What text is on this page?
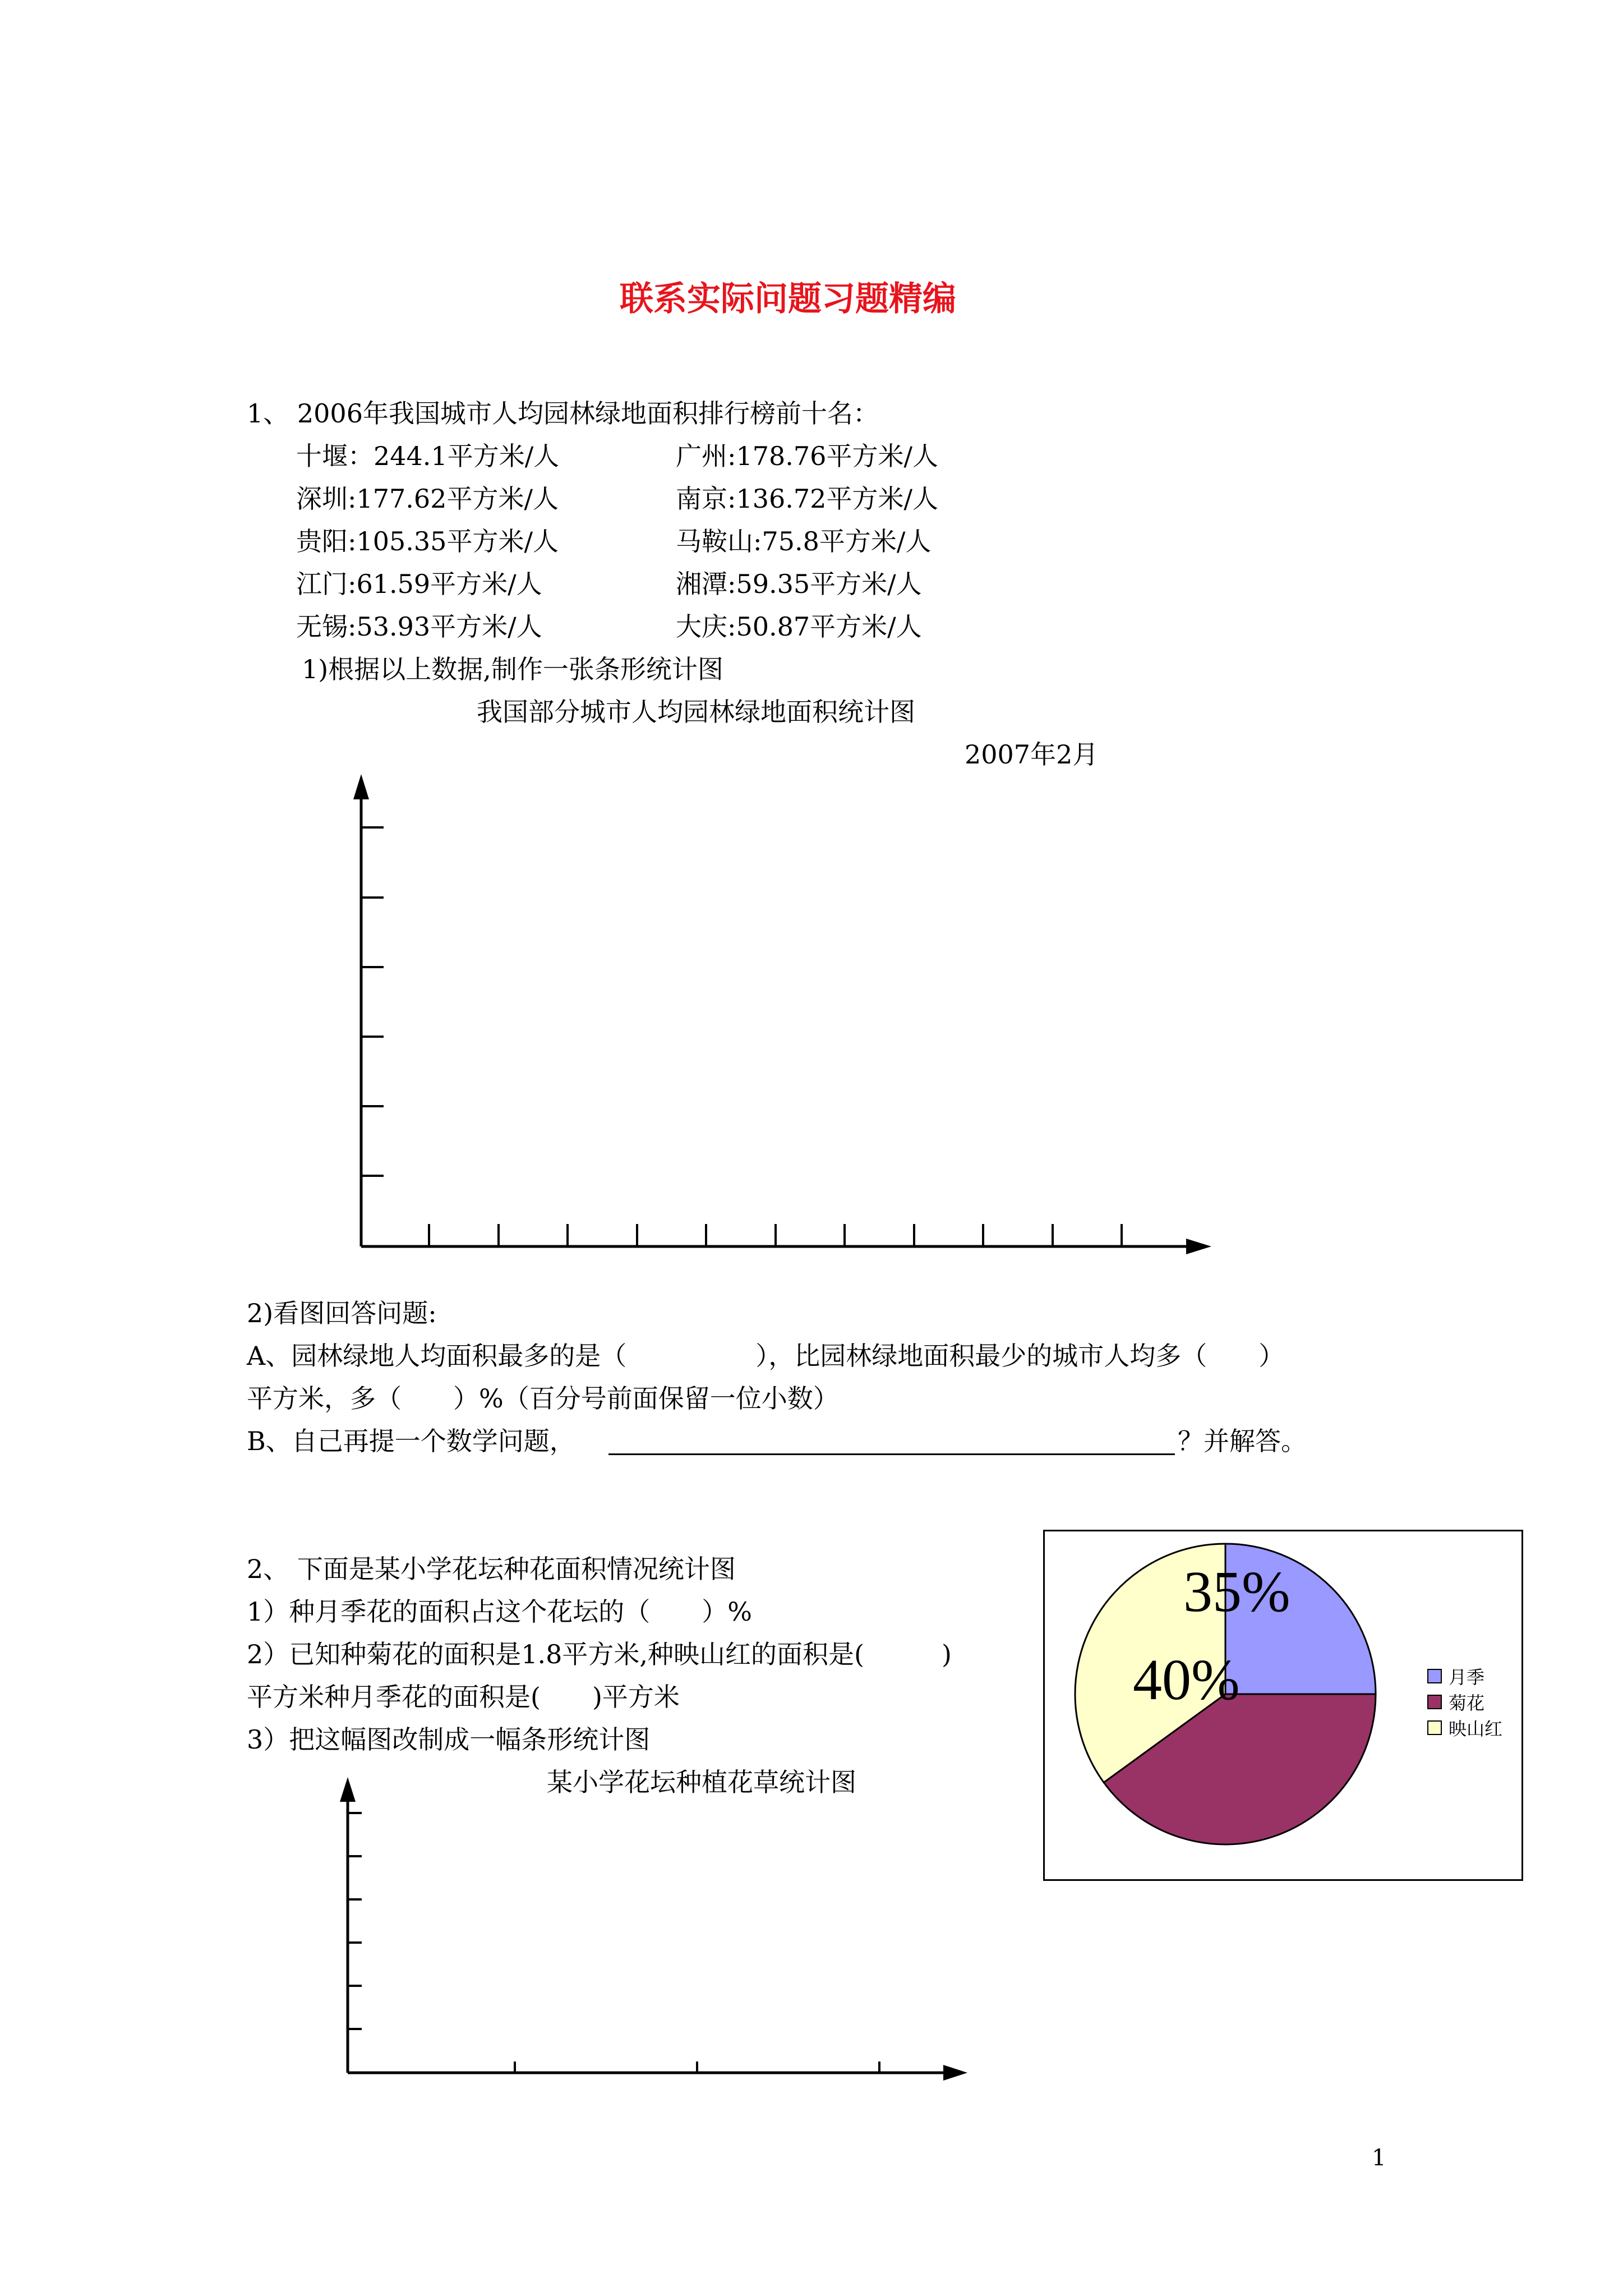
联系实际问题习题精编
1、 2006年我国城市人均园林绿地面积排行榜前十名：
十堰：244.1平方米/人	广州:178.76平方米/人
深圳:177.62平方米/人	南京:136.72平方米/人
贵阳:105.35平方米/人	马鞍山:75.8平方米/人
江门:61.59平方米/人	湘潭:59.35平方米/人
无锡:53.93平方米/人	大庆:50.87平方米/人
1)根据以上数据,制作一张条形统计图
我国部分城市人均园林绿地面积统计图
2007年2月
2)看图回答问题:
A、园林绿地人均面积最多的是（　　　　　），比园林绿地面积最少的城市人均多（　　）
平方米，多（　　）%（百分号前面保留一位小数）
B、自己再提一个数学问题，	？并解答。
2、 下面是某小学花坛种花面积情况统计图
1）种月季花的面积占这个花坛的（　　）%
2）已知种菊花的面积是1.8平方米,种映山红的面积是(　　　)
平方米种月季花的面积是(　　)平方米
3）把这幅图改制成一幅条形统计图
某小学花坛种植花草统计图
月季
菊花
映山红
35%
40%
1
